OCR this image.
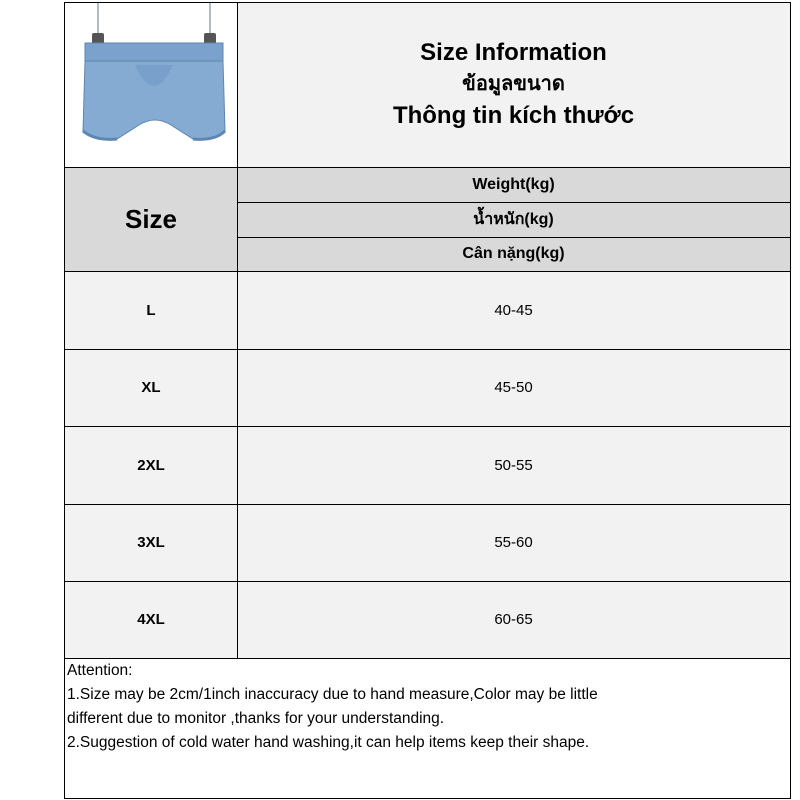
Size Information
ข้อมูลขนาด
Thông tin kích thước
Size
Weight(kg)
น้ำหนัก(kg)
Cân nặng(kg)
L	40-45
XL	45-50
2XL	50-55
3XL	55-60
4XL	60-65
Attention:
1.Size may be 2cm/1inch inaccuracy due to hand measure,Color may be little
different due to monitor ,thanks for your understanding.
2.Suggestion of cold water hand washing,it can help items keep their shape.
